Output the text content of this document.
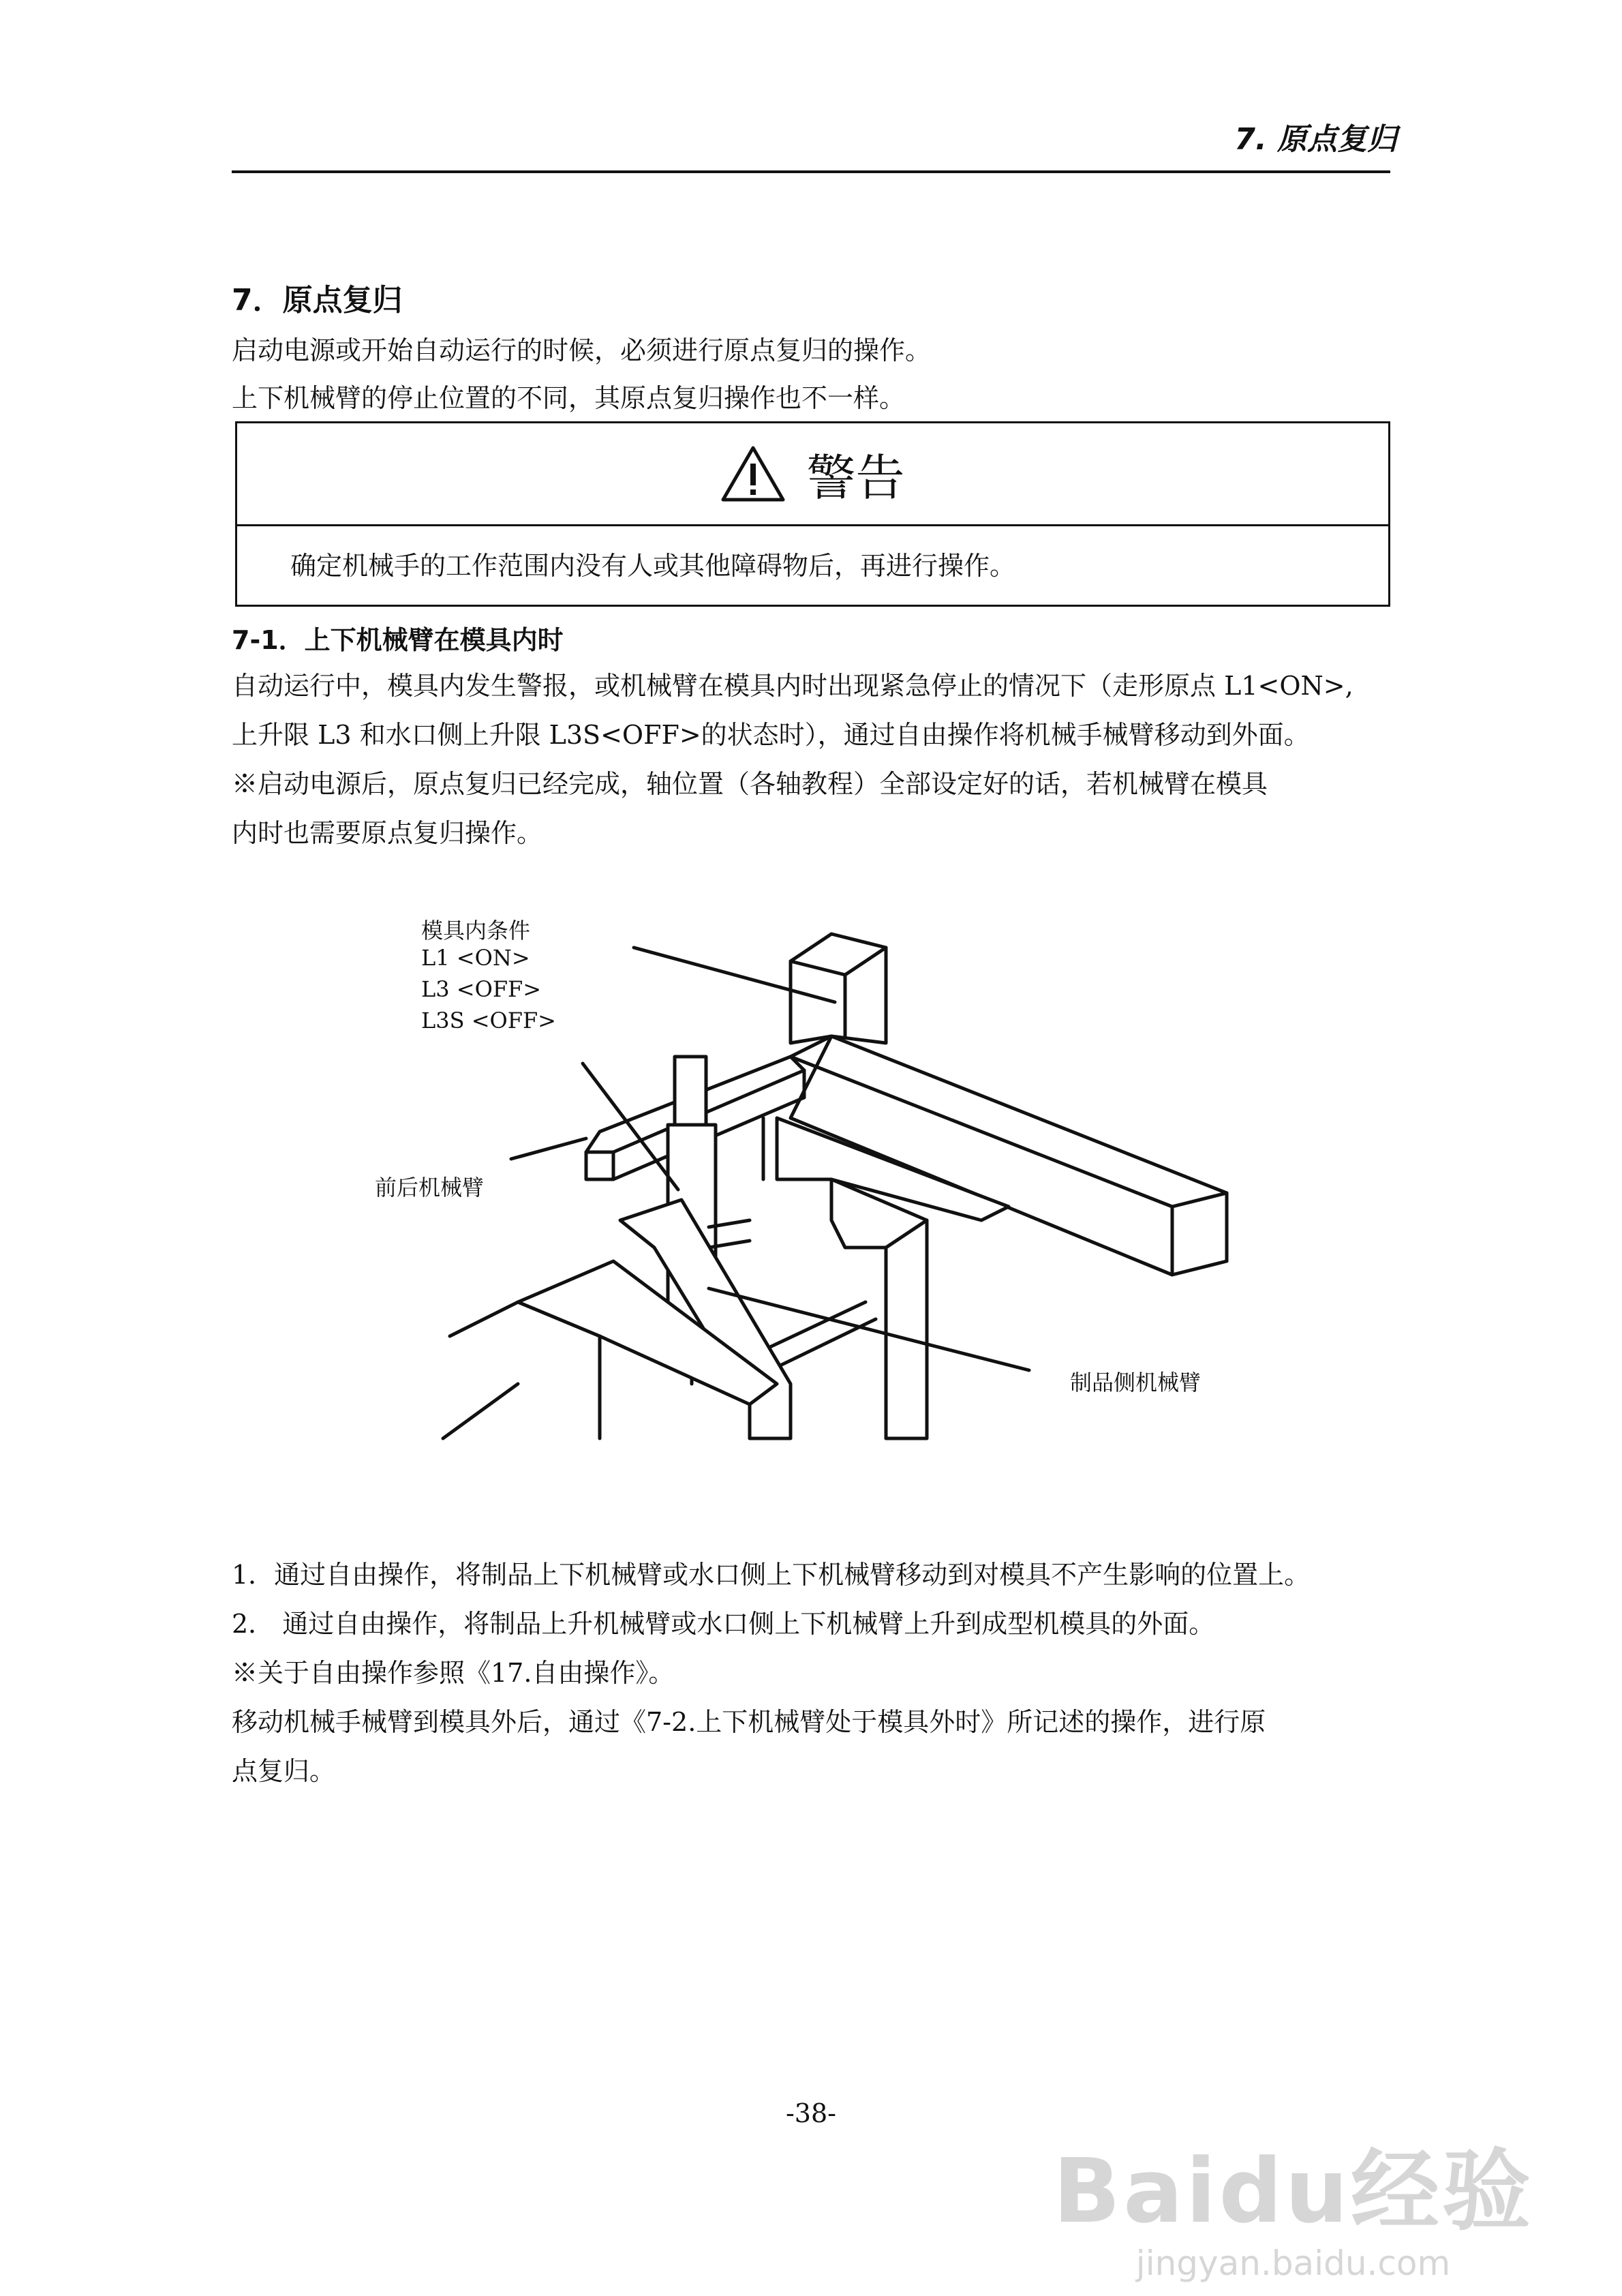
7. 原点复归
7．原点复归
启动电源或开始自动运行的时候，必须进行原点复归的操作。
上下机械臂的停止位置的不同，其原点复归操作也不一样。
警告
确定机械手的工作范围内没有人或其他障碍物后，再进行操作。
7-1．上下机械臂在模具内时
自动运行中，模具内发生警报，或机械臂在模具内时出现紧急停止的情况下（走形原点 L1<ON>,
上升限 L3 和水口侧上升限 L3S<OFF>的状态时），通过自由操作将机械手械臂移动到外面。
※启动电源后，原点复归已经完成，轴位置（各轴教程）全部设定好的话，若机械臂在模具
内时也需要原点复归操作。
模具内条件
L1 <ON>
L3 <OFF>
L3S <OFF>
前后机械臂
制品侧机械臂
1．通过自由操作，将制品上下机械臂或水口侧上下机械臂移动到对模具不产生影响的位置上。
2． 通过自由操作，将制品上升机械臂或水口侧上下机械臂上升到成型机模具的外面。
※关于自由操作参照《17.自由操作》。
移动机械手械臂到模具外后，通过《7-2.上下机械臂处于模具外时》所记述的操作，进行原
点复归。
-38-
Baidu经验
jingyan.baidu.com
